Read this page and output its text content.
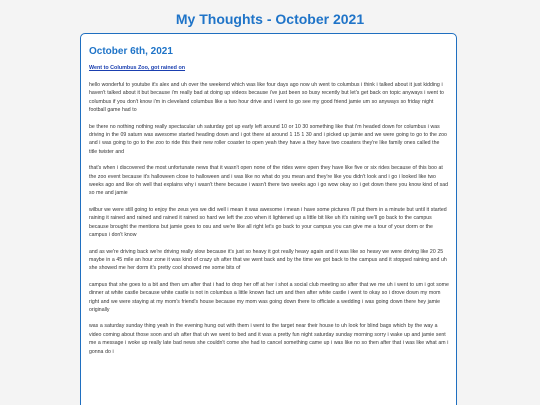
My Thoughts - October 2021
October 6th, 2021
Went to Columbus Zoo, got rained on

hello wonderful to youtube it's alex and uh over the weekend which was like four days ago now uh went to columbus i think i talked about it just kidding i haven't talked about it but because i'm really bad at doing up videos because i've just been so busy recently but let's get back on topic anyways i went to columbus if you don't know i'm in cleveland columbus like a two hour drive and i went to go see my good friend jamie um so anyways so friday night football game had to

be there no nothing nothing really spectacular uh saturday got up early left around 10 or 10 30 something like that i'm headed down for columbus i was driving in the 09 saturn was awesome started heading down and i got there at around 1 15 1 30 and i picked up jamie and we were going to go to the zoo and i was going to go to the zoo to ride this their new roller coaster to open yeah they have a they have two coasters they're like family ones called the title twister and

that's when i discovered the most unfortunate news that it wasn't open none of the rides were open they have like five or six rides because of this boo at the zoo event because it's halloween close to halloween and i was like no what do you mean and they're like you didn't look and i go i looked like two weeks ago and like oh well that explains why i wasn't there because i wasn't there two weeks ago i go wow okay so i get down there you know kind of sad so me and jamie

wilbur we were still going to enjoy the zeus yes we did well i mean it was awesome i mean i have some pictures i'll put them in a minute but until it started raining it rained and rained and rained it rained so hard we left the zoo when it lightened up a little bit like uh it's raining we'll go back to the campus because brought the mentions but jamie goes to osu and we're like all right let's go back to your campus you can give me a tour of your dorm or the campus i don't know

and as we're driving back we're driving really slow because it's just so heavy it got really heavy again and it was like so heavy we were driving like 20 25 maybe in a 45 mile an hour zone it was kind of crazy uh after that we went back and by the time we got back to the campus and it stopped raining and uh she showed me her dorm it's pretty cool showed me some bits of

campus that she goes to a bit and then um after that i had to drop her off at her i shot a social club meeting so after that we me uh i went to um i got some dinner at white castle because white castle is not in columbus a little known fact um and then after white castle i went to okay so i drove down my mom right and we were staying at my mom's friend's house because my mom was going down there to officiate a wedding i was going down there hey jamie originally

was a saturday sunday thing yeah in the evening hung out with them i went to the target near their house to uh look for blind bags which by the way a video coming about those soon and uh after that uh we went to bed and it was a pretty fun night saturday sunday morning sorry i wake up and jamie sent me a message i woke up really late bad news she couldn't come she had to cancel something came up i was like no so then after that i was like what am i gonna do i
